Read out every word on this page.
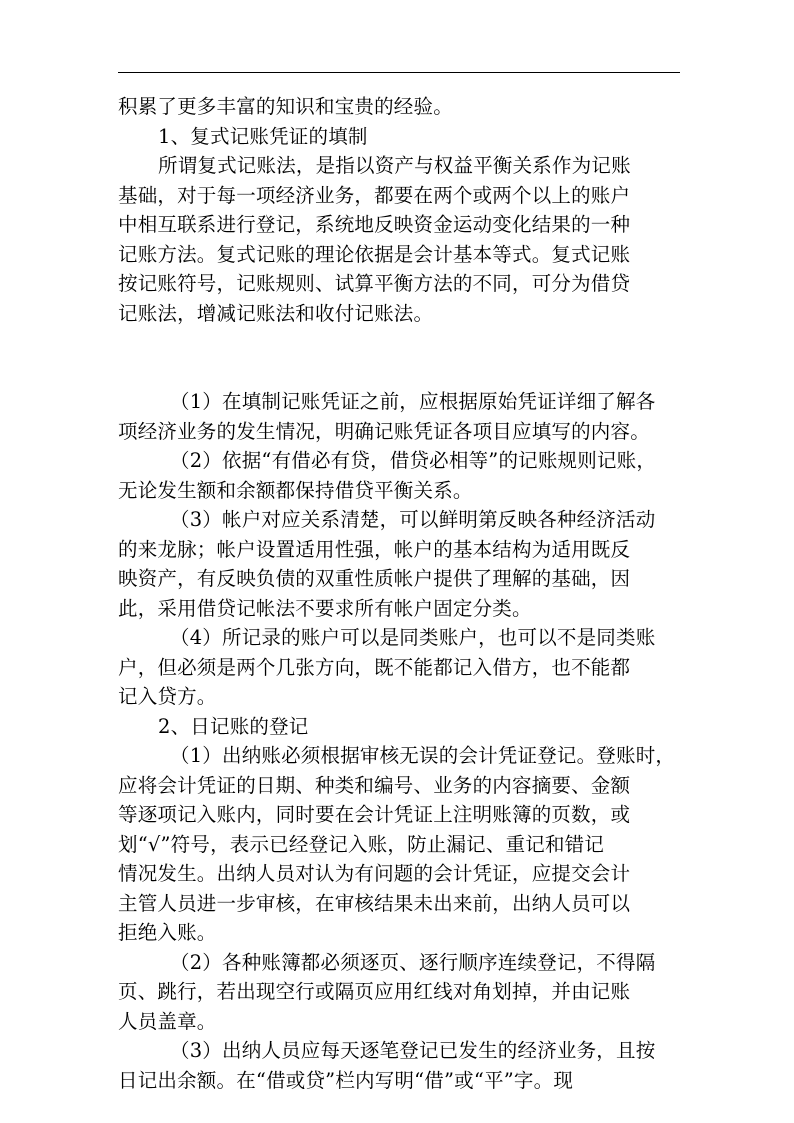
积累了更多丰富的知识和宝贵的经验。
1、复式记账凭证的填制
所谓复式记账法，是指以资产与权益平衡关系作为记账
基础，对于每一项经济业务，都要在两个或两个以上的账户
中相互联系进行登记，系统地反映资金运动变化结果的一种
记账方法。复式记账的理论依据是会计基本等式。复式记账
按记账符号，记账规则、试算平衡方法的不同，可分为借贷
记账法，增减记账法和收付记账法。
（1）在填制记账凭证之前，应根据原始凭证详细了解各
项经济业务的发生情况，明确记账凭证各项目应填写的内容。
（2）依据“有借必有贷，借贷必相等”的记账规则记账，
无论发生额和余额都保持借贷平衡关系。
（3）帐户对应关系清楚，可以鲜明第反映各种经济活动
的来龙脉；帐户设置适用性强，帐户的基本结构为适用既反
映资产，有反映负债的双重性质帐户提供了理解的基础，因
此，采用借贷记帐法不要求所有帐户固定分类。
（4）所记录的账户可以是同类账户，也可以不是同类账
户，但必须是两个几张方向，既不能都记入借方，也不能都
记入贷方。
2、日记账的登记
（1）出纳账必须根据审核无误的会计凭证登记。登账时，
应将会计凭证的日期、种类和编号、业务的内容摘要、金额
等逐项记入账内，同时要在会计凭证上注明账簿的页数，或
划“√”符号，表示已经登记入账，防止漏记、重记和错记
情况发生。出纳人员对认为有问题的会计凭证，应提交会计
主管人员进一步审核，在审核结果未出来前，出纳人员可以
拒绝入账。
（2）各种账簿都必须逐页、逐行顺序连续登记，不得隔
页、跳行，若出现空行或隔页应用红线对角划掉，并由记账
人员盖章。
（3）出纳人员应每天逐笔登记已发生的经济业务，且按
日记出余额。在“借或贷”栏内写明“借”或“平”字。现
